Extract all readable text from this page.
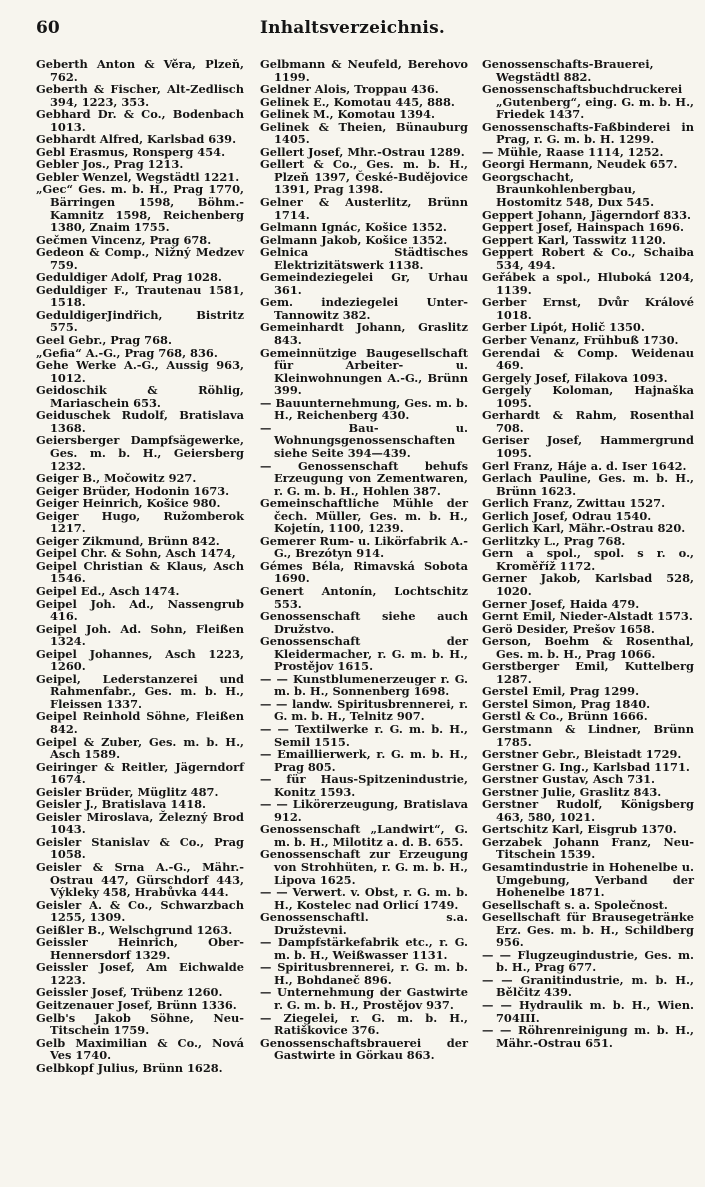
60	Inhaltsverzeichnis.

Geberth Anton & Věra, Plzeň, 762.

Geberth & Fischer, Alt-Zedlisch 394, 1223, 353.

Gebhard Dr. & Co., Bodenbach 1013.

Gebhardt Alfred, Karlsbad 639.

Gebl Erasmus, Ronsperg 454.

Gebler Jos., Prag 1213.

Gebler Wenzel, Wegstädtl 1221.

„Gec“ Ges. m. b. H., Prag 1770, Bärringen 1598, Böhm.-Kamnitz 1598, Reichenberg 1380, Znaim 1755.

Gečmen Vincenz, Prag 678.

Gedeon & Comp., Nižný Medzev 759.

Geduldiger Adolf, Prag 1028.

Geduldiger F., Trautenau 1581, 1518.

GeduldigerJindřich, Bistritz 575.

Geel Gebr., Prag 768.

„Gefia“ A.-G., Prag 768, 836.

Gehe Werke A.-G., Aussig 963, 1012.

Geidoschik & Röhlig, Mariaschein 653.

Geiduschek Rudolf, Bratislava 1368.

Geiersberger Dampfsägewerke, Ges. m. b. H., Geiersberg 1232.

Geiger B., Močowitz 927.

Geiger Brüder, Hodonin 1673.

Geiger Heinrich, Košice 980.

Geiger Hugo, Ružomberok 1217.

Geiger Zikmund, Brünn 842.

Geipel Chr. & Sohn, Asch 1474,

Geipel Christian & Klaus, Asch 1546.

Geipel Ed., Asch 1474.

Geipel Joh. Ad., Nassengrub 416.

Geipel Joh. Ad. Sohn, Fleißen 1324.

Geipel Johannes, Asch 1223, 1260.

Geipel, Lederstanzerei und Rahmenfabr., Ges. m. b. H., Fleissen 1337.

Geipel Reinhold Söhne, Fleißen 842.

Geipel & Zuber, Ges. m. b. H., Asch 1589.

Geiringer & Reitler, Jägerndorf 1674.

Geisler Brüder, Müglitz 487.

Geisler J., Bratislava 1418.

Geisler Miroslava, Železný Brod 1043.

Geisler Stanislav & Co., Prag 1058.

Geisler & Srna A.-G., Mähr.-Ostrau 447, Gürschdorf 443, Výkleky 458, Hrabůvka 444.

Geisler A. & Co., Schwarzbach 1255, 1309.

Geißler B., Welschgrund 1263.

Geissler Heinrich, Ober-Hennersdorf 1329.

Geissler Josef, Am Eichwalde 1223.

Geissler Josef, Trübenz 1260.

Geitzenauer Josef, Brünn 1336.

Gelb's Jakob Söhne, Neu-Titschein 1759.

Gelb Maximilian & Co., Nová Ves 1740.

Gelbkopf Julius, Brünn 1628.

Gelbmann & Neufeld, Berehovo 1199.

Geldner Alois, Troppau 436.

Gelinek E., Komotau 445, 888.

Gelinek M., Komotau 1394.

Gelinek & Theien, Bünauburg 1405.

Gellert Josef, Mhr.-Ostrau 1289.

Gellert & Co., Ges. m. b. H., Plzeň 1397, České-Budějovice 1391, Prag 1398.

Gelner & Austerlitz, Brünn 1714.

Gelmann Ignác, Košice 1352.

Gelmann Jakob, Košice 1352.

Gelnica Städtisches Elektrizitätswerk 1138.

Gemeindeziegelei Gr, Urhau 361.

Gem. indeziegelei Unter-Tannowitz 382.

Gemeinhardt Johann, Graslitz 843.

Gemeinnützige Baugesellschaft für Arbeiter- u. Kleinwohnungen A.-G., Brünn 399.

— Bauunternehmung, Ges. m. b. H., Reichenberg 430.

— Bau- u. Wohnungsgenossenschaften siehe Seite 394—439.

— Genossenschaft behufs Erzeugung von Zementwaren, r. G. m. b. H., Hohlen 387.

Gemeinschaftliche Mühle der čech. Müller, Ges. m. b. H., Kojetín, 1100, 1239.

Gemerer Rum- u. Likörfabrik A.-G., Brezótyn 914.

Gémes Béla, Rimavská Sobota 1690.

Genert Antonín, Lochtschitz 553.

Genossenschaft siehe auch Družstvo.

Genossenschaft der Kleidermacher, r. G. m. b. H., Prostějov 1615.

— — Kunstblumenerzeuger r. G. m. b. H., Sonnenberg 1698.

— — landw. Spiritusbrennerei, r. G. m. b. H., Telnitz 907.

— — Textilwerke r. G. m. b. H., Semil 1515.

— Emaillierwerk, r. G. m. b. H., Prag 805.

— für Haus-Spitzenindustrie, Konitz 1593.

— — Likörerzeugung, Bratislava 912.

Genossenschaft „Landwirt“, G. m. b. H., Milotitz a. d. B. 655.

Genossenschaft zur Erzeugung von Strohhüten, r. G. m. b. H., Lipova 1625.

— — Verwert. v. Obst, r. G. m. b. H., Kostelec nad Orlicí 1749.

Genossenschaftl. s.a. Družstevni.

— Dampfstärkefabrik etc., r. G. m. b. H., Weißwasser 1131.

— Spiritusbrennerei, r. G. m. b. H., Bohdaneč 896.

— Unternehmung der Gastwirte r. G. m. b. H., Prostějov 937.

— Ziegelei, r. G. m. b. H., Ratiškovice 376.

Genossenschaftsbrauerei der Gastwirte in Görkau 863.

Genossenschafts-Brauerei, Wegstädtl 882.

Genossenschaftsbuchdruckerei „Gutenberg“, eing. G. m. b. H., Friedek 1437.

Genossenschafts-Faßbinderei in Prag, r. G. m. b. H. 1299.

— Mühle, Raase 1114, 1252.

Georgi Hermann, Neudek 657.

Georgschacht, Braunkohlenbergbau, Hostomitz 548, Dux 545.

Geppert Johann, Jägerndorf 833.

Geppert Josef, Hainspach 1696.

Geppert Karl, Tasswitz 1120.

Geppert Robert & Co., Schaiba 534, 494.

Geřábek a spol., Hluboká 1204, 1139.

Gerber Ernst, Dvůr Králové 1018.

Gerber Lipót, Holič 1350.

Gerber Venanz, Frühbuß 1730.

Gerendai & Comp. Weidenau 469.

Gergely Josef, Filakova 1093.

Gergely Koloman, Hajnaška 1095.

Gerhardt & Rahm, Rosenthal 708.

Geriser Josef, Hammergrund 1095.

Gerl Franz, Háje a. d. Iser 1642.

Gerlach Pauline, Ges. m. b. H., Brünn 1623.

Gerlich Franz, Zwittau 1527.

Gerlich Josef, Odrau 1540.

Gerlich Karl, Mähr.-Ostrau 820.

Gerlitzky L., Prag 768.

Gern a spol., spol. s r. o., Kroměříž 1172.

Gerner Jakob, Karlsbad 528, 1020.

Gerner Josef, Haida 479.

Gernt Emil, Nieder-Alstadt 1573.

Gerö Desider, Prešov 1658.

Gerson, Boehm & Rosenthal, Ges. m. b. H., Prag 1066.

Gerstberger Emil, Kuttelberg 1287.

Gerstel Emil, Prag 1299.

Gerstel Simon, Prag 1840.

Gerstl & Co., Brünn 1666.

Gerstmann & Lindner, Brünn 1785.

Gerstner Gebr., Bleistadt 1729.

Gerstner G. Ing., Karlsbad 1171.

Gerstner Gustav, Asch 731.

Gerstner Julie, Graslitz 843.

Gerstner Rudolf, Königsberg 463, 580, 1021.

Gertschitz Karl, Eisgrub 1370.

Gerzabek Johann Franz, Neu-Titschein 1539.

Gesamtindustrie in Hohenelbe u. Umgebung, Verband der Hohenelbe 1871.

Gesellschaft s. a. Společnost.

Gesellschaft für Brausegeträнke Erz. Ges. m. b. H., Schildberg 956.

— — Flugzeugindustrie, Ges. m. b. H., Prag 677.

— — Granitindustrie, m. b. H., Bělčitz 439.

— — Hydraulik m. b. H., Wien. 704III.

— — Röhrenreinigung m. b. H., Mähr.-Ostrau 651.
